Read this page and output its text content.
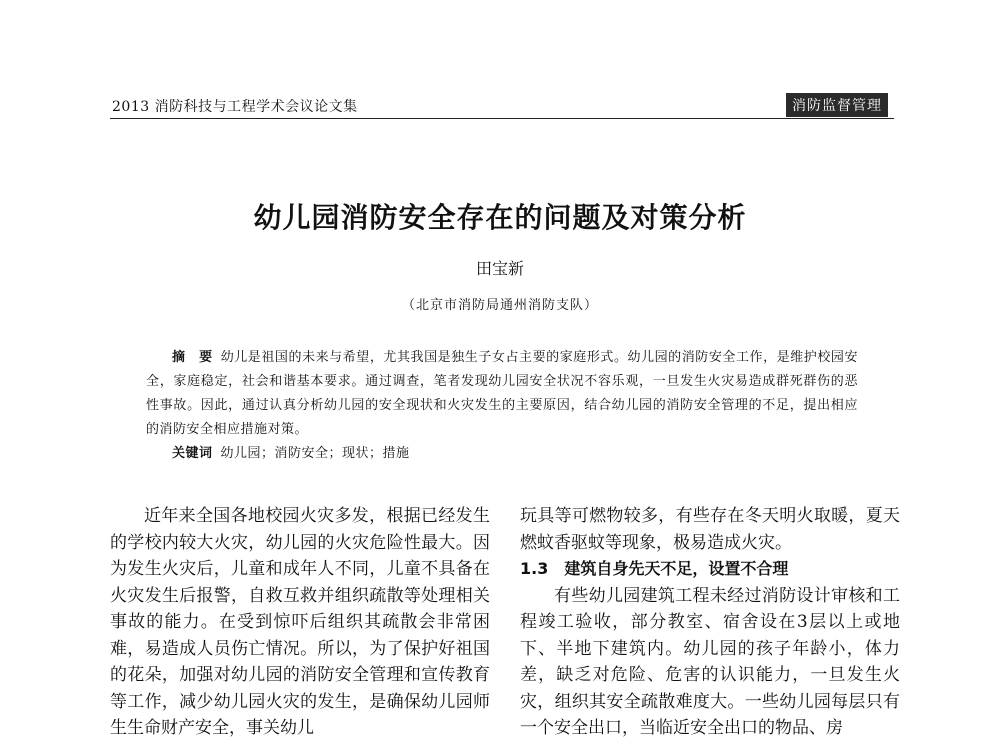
2013 消防科技与工程学术会议论文集	消防监督管理
幼儿园消防安全存在的问题及对策分析
田宝新
（北京市消防局通州消防支队）

摘　要 幼儿是祖国的未来与希望，尤其我国是独生子女占主要的家庭形式。幼儿园的消防安全工作，是维护校园安全，家庭稳定，社会和谐基本要求。通过调查，笔者发现幼儿园安全状况不容乐观，一旦发生火灾易造成群死群伤的恶性事故。因此，通过认真分析幼儿园的安全现状和火灾发生的主要原因，结合幼儿园的消防安全管理的不足，提出相应的消防安全相应措施对策。

关键词 幼儿园；消防安全；现状；措施

近年来全国各地校园火灾多发，根据已经发生的学校内较大火灾，幼儿园的火灾危险性最大。因为发生火灾后，儿童和成年人不同，儿童不具备在火灾发生后报警，自救互救并组织疏散等处理相关事故的能力。在受到惊吓后组织其疏散会非常困难，易造成人员伤亡情况。所以，为了保护好祖国的花朵，加强对幼儿园的消防安全管理和宣传教育等工作，减少幼儿园火灾的发生，是确保幼儿园师生生命财产安全，事关幼儿

玩具等可燃物较多，有些存在冬天明火取暖，夏天燃蚊香驱蚊等现象，极易造成火灾。

1.3　建筑自身先天不足，设置不合理

有些幼儿园建筑工程未经过消防设计审核和工程竣工验收，部分教室、宿舍设在3层以上或地下、半地下建筑内。幼儿园的孩子年龄小，体力差，缺乏对危险、危害的认识能力，一旦发生火灾，组织其安全疏散难度大。一些幼儿园每层只有一个安全出口，当临近安全出口的物品、房
